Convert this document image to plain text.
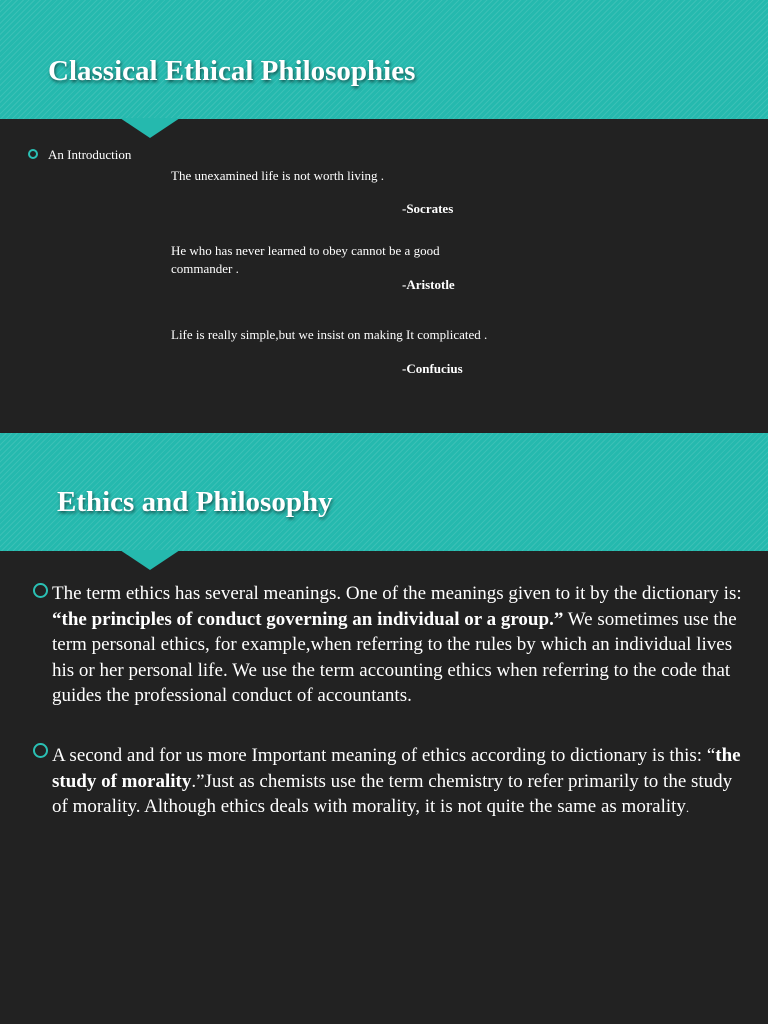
Classical Ethical Philosophies
An Introduction
The unexamined life is not worth living .
-Socrates
He who has never learned to obey cannot be a good commander .
-Aristotle
Life is really simple,but we insist on making It complicated .
-Confucius
Ethics and Philosophy
The term ethics has several meanings. One of the meanings given to it by the dictionary is: “the principles of conduct governing an individual or a group.” We sometimes use the term personal ethics, for example,when referring to the rules by which an individual lives his or her personal life. We use the term accounting ethics when referring to the code that guides the professional conduct of accountants.
A second and for us more Important meaning of ethics according to dictionary is this: “the study of morality.”Just as chemists use the term chemistry to refer primarily to the study of morality. Although ethics deals with morality, it is not quite the same as morality.
